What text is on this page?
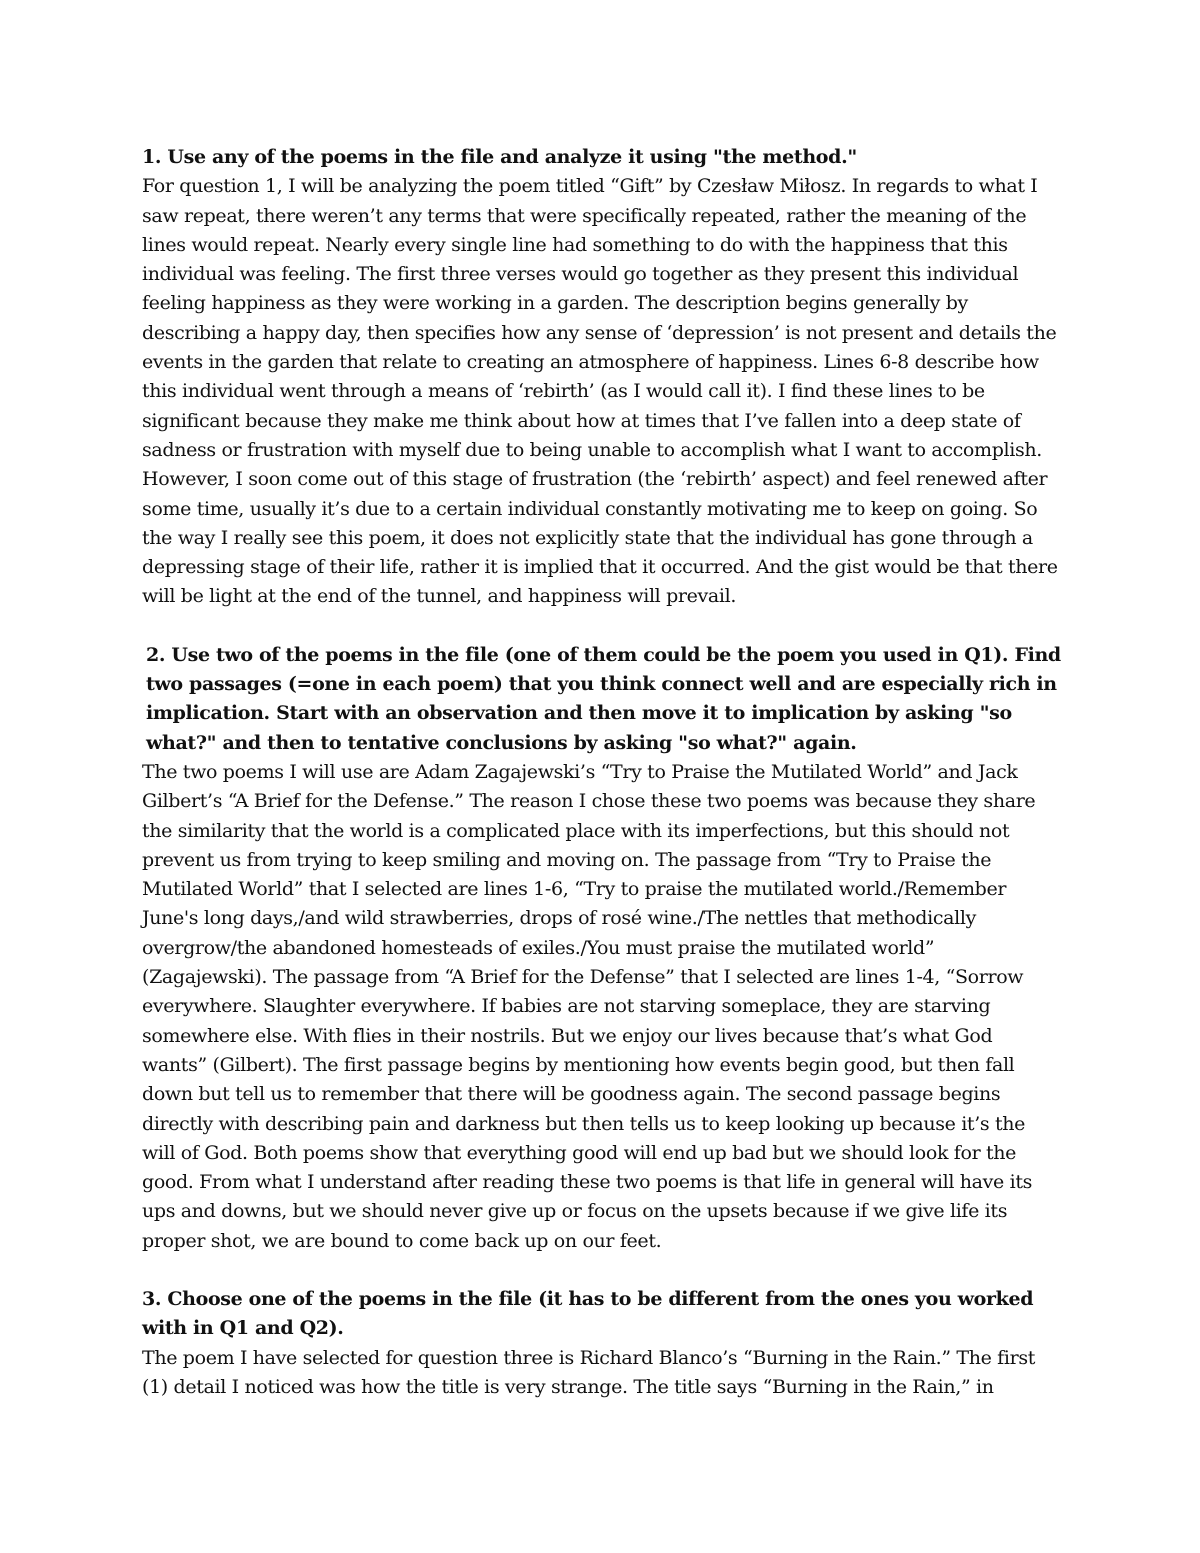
1. Use any of the poems in the file and analyze it using "the method."

For question 1, I will be analyzing the poem titled “Gift” by Czesław Miłosz. In regards to what I saw repeat, there weren’t any terms that were specifically repeated, rather the meaning of the lines would repeat. Nearly every single line had something to do with the happiness that this individual was feeling. The first three verses would go together as they present this individual feeling happiness as they were working in a garden. The description begins generally by describing a happy day, then specifies how any sense of ‘depression’ is not present and details the events in the garden that relate to creating an atmosphere of happiness. Lines 6-8 describe how this individual went through a means of ‘rebirth’ (as I would call it). I find these lines to be significant because they make me think about how at times that I’ve fallen into a deep state of sadness or frustration with myself due to being unable to accomplish what I want to accomplish. However, I soon come out of this stage of frustration (the ‘rebirth’ aspect) and feel renewed after some time, usually it’s due to a certain individual constantly motivating me to keep on going. So the way I really see this poem, it does not explicitly state that the individual has gone through a depressing stage of their life, rather it is implied that it occurred. And the gist would be that there will be light at the end of the tunnel, and happiness will prevail.

2. Use two of the poems in the file (one of them could be the poem you used in Q1). Find two passages (=one in each poem) that you think connect well and are especially rich in implication. Start with an observation and then move it to implication by asking "so what?" and then to tentative conclusions by asking "so what?" again.

The two poems I will use are Adam Zagajewski’s “Try to Praise the Mutilated World” and Jack Gilbert’s “A Brief for the Defense.” The reason I chose these two poems was because they share the similarity that the world is a complicated place with its imperfections, but this should not prevent us from trying to keep smiling and moving on. The passage from “Try to Praise the Mutilated World” that I selected are lines 1-6, “Try to praise the mutilated world./Remember June's long days,/and wild strawberries, drops of rosé wine./The nettles that methodically overgrow/the abandoned homesteads of exiles./You must praise the mutilated world” (Zagajewski). The passage from “A Brief for the Defense” that I selected are lines 1-4, “Sorrow everywhere. Slaughter everywhere. If babies are not starving someplace, they are starving somewhere else. With flies in their nostrils. But we enjoy our lives because that’s what God wants” (Gilbert). The first passage begins by mentioning how events begin good, but then fall down but tell us to remember that there will be goodness again. The second passage begins directly with describing pain and darkness but then tells us to keep looking up because it’s the will of God. Both poems show that everything good will end up bad but we should look for the good. From what I understand after reading these two poems is that life in general will have its ups and downs, but we should never give up or focus on the upsets because if we give life its proper shot, we are bound to come back up on our feet.

3. Choose one of the poems in the file (it has to be different from the ones you worked with in Q1 and Q2).

The poem I have selected for question three is Richard Blanco’s “Burning in the Rain.” The first (1) detail I noticed was how the title is very strange. The title says “Burning in the Rain,” in
